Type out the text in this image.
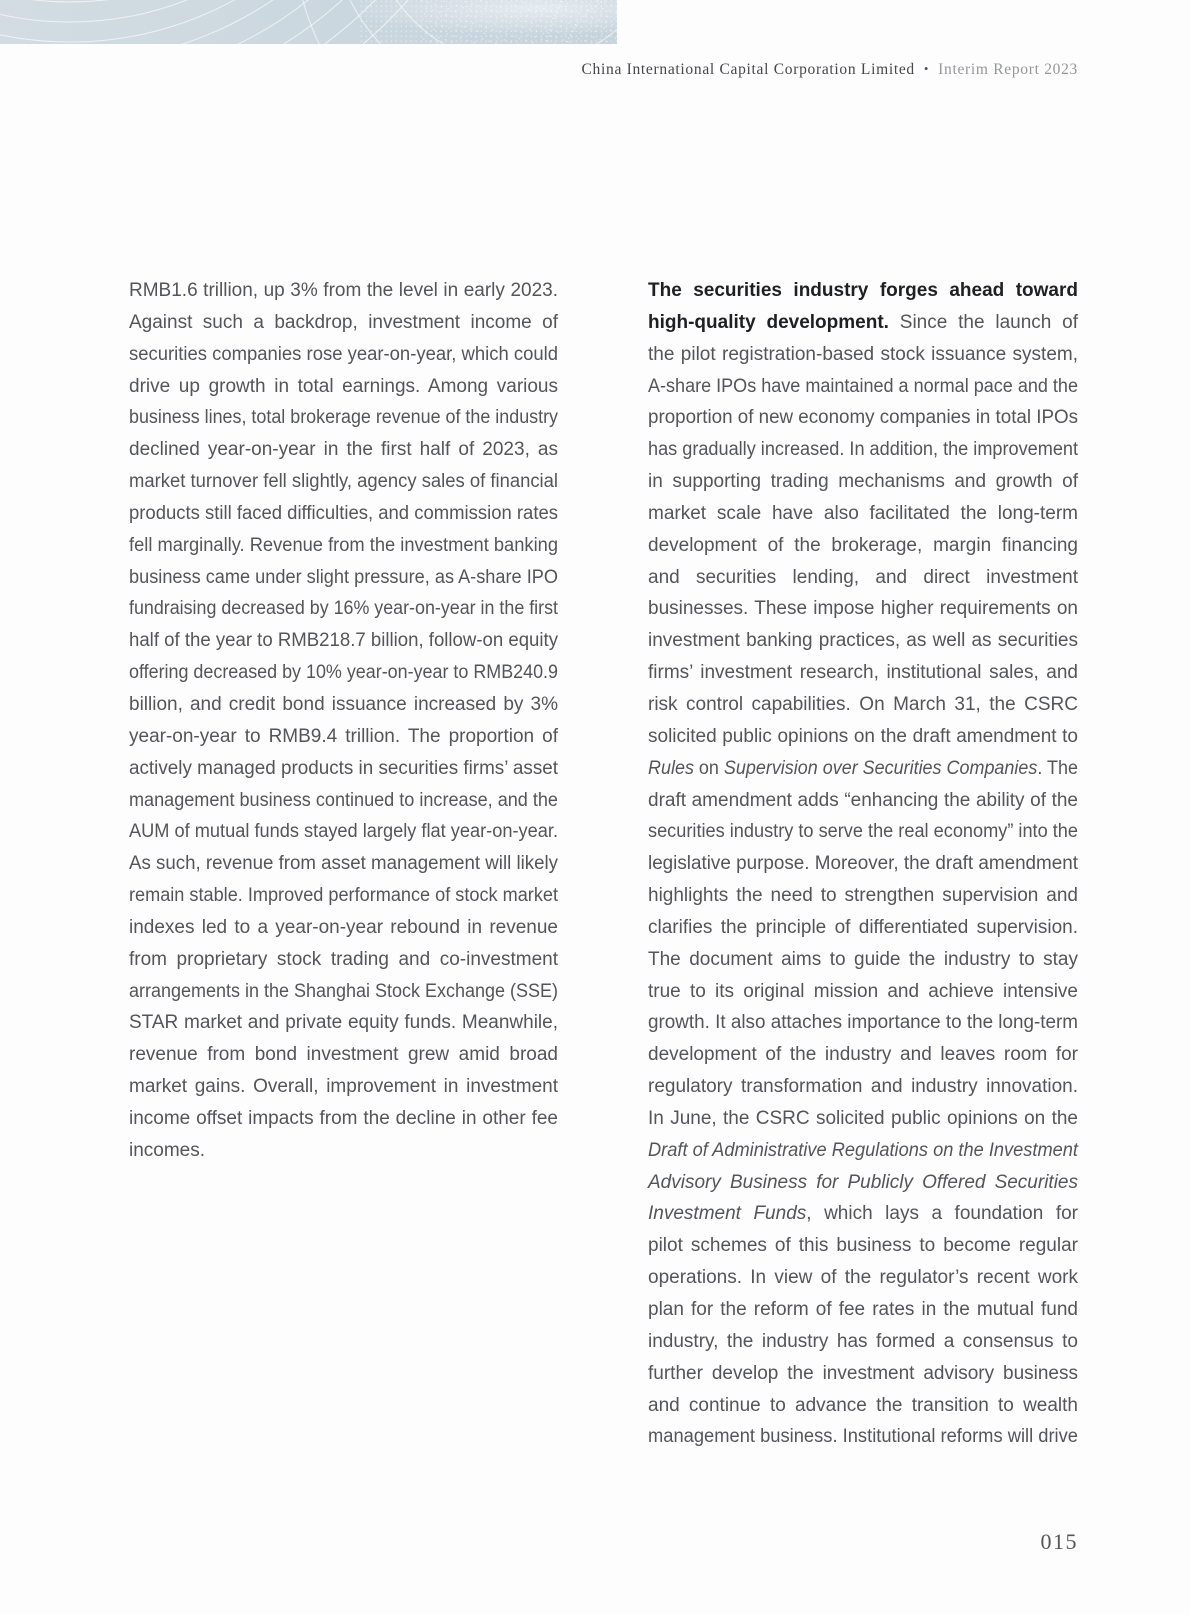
China International Capital Corporation Limited • Interim Report 2023
RMB1.6 trillion, up 3% from the level in early 2023.
Against such a backdrop, investment income of
securities companies rose year-on-year, which could
drive up growth in total earnings. Among various
business lines, total brokerage revenue of the industry
declined year-on-year in the first half of 2023, as
market turnover fell slightly, agency sales of financial
products still faced difficulties, and commission rates
fell marginally. Revenue from the investment banking
business came under slight pressure, as A-share IPO
fundraising decreased by 16% year-on-year in the first
half of the year to RMB218.7 billion, follow-on equity
offering decreased by 10% year-on-year to RMB240.9
billion, and credit bond issuance increased by 3%
year-on-year to RMB9.4 trillion. The proportion of
actively managed products in securities firms’ asset
management business continued to increase, and the
AUM of mutual funds stayed largely flat year-on-year.
As such, revenue from asset management will likely
remain stable. Improved performance of stock market
indexes led to a year-on-year rebound in revenue
from proprietary stock trading and co-investment
arrangements in the Shanghai Stock Exchange (SSE)
STAR market and private equity funds. Meanwhile,
revenue from bond investment grew amid broad
market gains. Overall, improvement in investment
income offset impacts from the decline in other fee
incomes.
The securities industry forges ahead toward
high-quality development. Since the launch of
the pilot registration-based stock issuance system,
A-share IPOs have maintained a normal pace and the
proportion of new economy companies in total IPOs
has gradually increased. In addition, the improvement
in supporting trading mechanisms and growth of
market scale have also facilitated the long-term
development of the brokerage, margin financing
and securities lending, and direct investment
businesses. These impose higher requirements on
investment banking practices, as well as securities
firms’ investment research, institutional sales, and
risk control capabilities. On March 31, the CSRC
solicited public opinions on the draft amendment to
Rules on Supervision over Securities Companies. The
draft amendment adds “enhancing the ability of the
securities industry to serve the real economy” into the
legislative purpose. Moreover, the draft amendment
highlights the need to strengthen supervision and
clarifies the principle of differentiated supervision.
The document aims to guide the industry to stay
true to its original mission and achieve intensive
growth. It also attaches importance to the long-term
development of the industry and leaves room for
regulatory transformation and industry innovation.
In June, the CSRC solicited public opinions on the
Draft of Administrative Regulations on the Investment
Advisory Business for Publicly Offered Securities
Investment Funds, which lays a foundation for
pilot schemes of this business to become regular
operations. In view of the regulator’s recent work
plan for the reform of fee rates in the mutual fund
industry, the industry has formed a consensus to
further develop the investment advisory business
and continue to advance the transition to wealth
management business. Institutional reforms will drive
015
